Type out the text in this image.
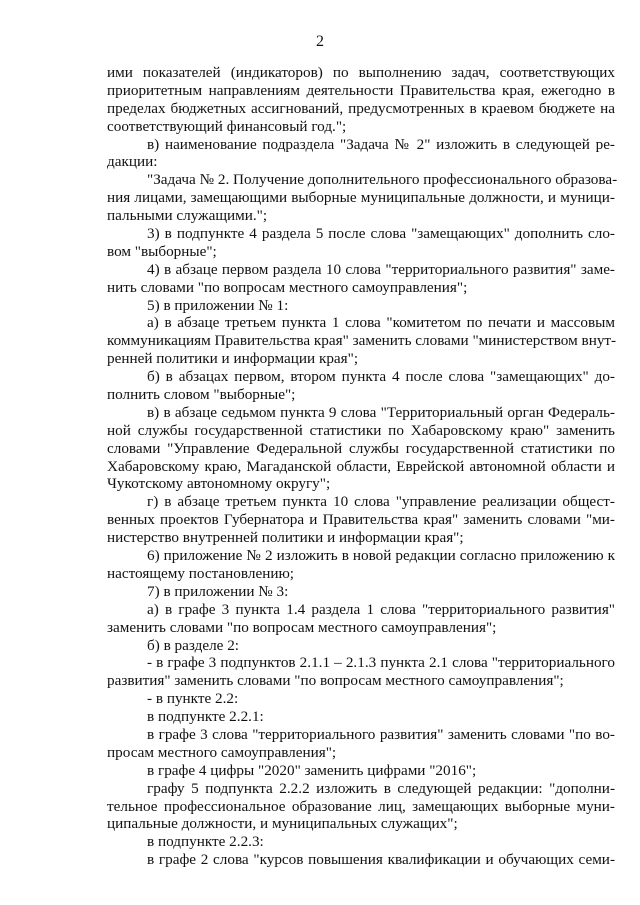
2
ими показателей (индикаторов) по выполнению задач, соответствующих
приоритетным направлениям деятельности Правительства края, ежегодно в
пределах бюджетных ассигнований, предусмотренных в краевом бюджете на
соответствующий финансовый год.";
в) наименование подраздела "Задача № 2" изложить в следующей ре-
дакции:
"Задача № 2. Получение дополнительного профессионального образова-
ния лицами, замещающими выборные муниципальные должности, и муници-
пальными служащими.";
3) в подпункте 4 раздела 5 после слова "замещающих" дополнить сло-
вом "выборные";
4) в абзаце первом раздела 10 слова "территориального развития" заме-
нить словами "по вопросам местного самоуправления";
5) в приложении № 1:
а) в абзаце третьем пункта 1 слова "комитетом по печати и массовым
коммуникациям Правительства края" заменить словами "министерством внут-
ренней политики и информации края";
б) в абзацах первом, втором пункта 4 после слова "замещающих" до-
полнить словом "выборные";
в) в абзаце седьмом пункта 9 слова "Территориальный орган Федераль-
ной службы государственной статистики по Хабаровскому краю" заменить
словами "Управление Федеральной службы государственной статистики по
Хабаровскому краю, Магаданской области, Еврейской автономной области и
Чукотскому автономному округу";
г) в абзаце третьем пункта 10 слова "управление реализации общест-
венных проектов Губернатора и Правительства края" заменить словами "ми-
нистерство внутренней политики и информации края";
6) приложение № 2 изложить в новой редакции согласно приложению к
настоящему постановлению;
7) в приложении № 3:
а) в графе 3 пункта 1.4 раздела 1 слова "территориального развития"
заменить словами "по вопросам местного самоуправления";
б) в разделе 2:
- в графе 3 подпунктов 2.1.1 – 2.1.3 пункта 2.1 слова "территориального
развития" заменить словами "по вопросам местного самоуправления";
- в пункте 2.2:
в подпункте 2.2.1:
в графе 3 слова "территориального развития" заменить словами "по во-
просам местного самоуправления";
в графе 4 цифры "2020" заменить цифрами "2016";
графу 5 подпункта 2.2.2 изложить в следующей редакции: "дополни-
тельное профессиональное образование лиц, замещающих выборные муни-
ципальные должности, и муниципальных служащих";
в подпункте 2.2.3:
в графе 2 слова "курсов повышения квалификации и обучающих семи-
